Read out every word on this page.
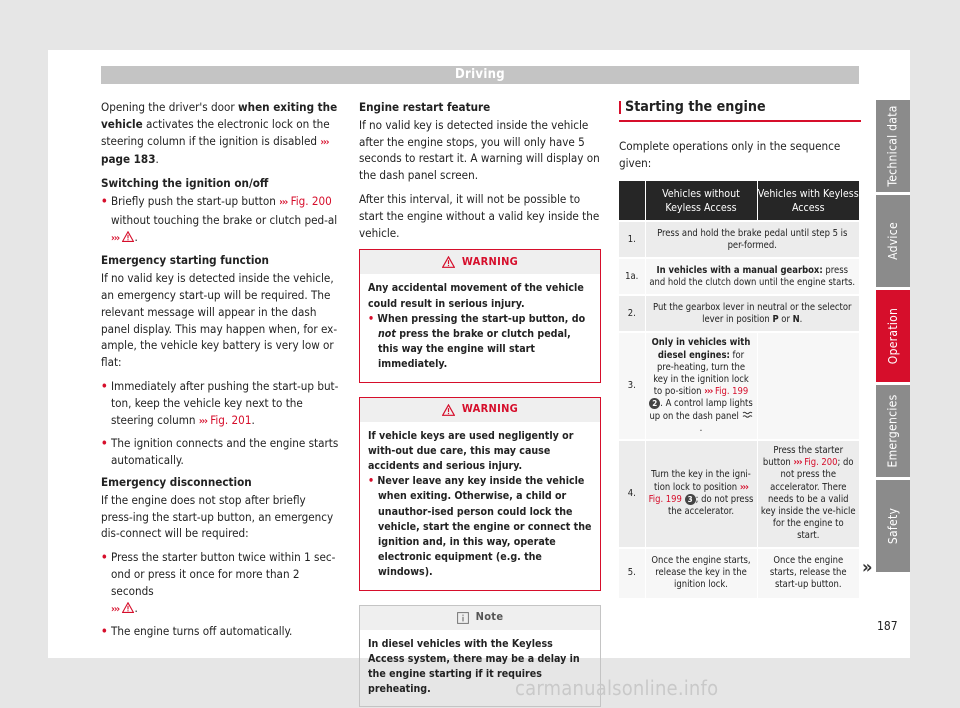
Driving

Opening the driver's door when exiting the vehicle activates the electronic lock on the steering column if the ignition is disabled ››› page 183.

Switching the ignition on/off

• Briefly push the start-up button ››› Fig. 200 without touching the brake or clutch ped-al ››› .

Emergency starting function

If no valid key is detected inside the vehicle, an emergency start-up will be required. The relevant message will appear in the dash panel display. This may happen when, for ex-ample, the vehicle key battery is very low or flat:

• Immediately after pushing the start-up but-ton, keep the vehicle key next to the steering column ››› Fig. 201.

• The ignition connects and the engine starts automatically.

Emergency disconnection

If the engine does not stop after briefly press-ing the start-up button, an emergency dis-connect will be required:

• Press the starter button twice within 1 sec-ond or press it once for more than 2 seconds
››› .

• The engine turns off automatically.

Engine restart feature

If no valid key is detected inside the vehicle after the engine stops, you will only have 5 seconds to restart it. A warning will display on the dash panel screen.

After this interval, it will not be possible to start the engine without a valid key inside the vehicle.

WARNING
Any accidental movement of the vehicle could result in serious injury.
• When pressing the start-up button, do not press the brake or clutch pedal, this way the engine will start immediately.
WARNING
If vehicle keys are used negligently or with-out due care, this may cause accidents and serious injury.
• Never leave any key inside the vehicle when exiting. Otherwise, a child or unauthor-ised person could lock the vehicle, start the engine or connect the ignition and, in this way, operate electronic equipment (e.g. the windows).
Note
In diesel vehicles with the Keyless Access system, there may be a delay in the engine starting if it requires preheating.
Starting the engine

Complete operations only in the sequence given:

	Vehicles without Keyless Access	Vehicles with Keyless Access
1.	Press and hold the brake pedal until step 5 is per-formed.	
1a.	In vehicles with a manual gearbox: press and hold the clutch down until the engine starts.	
2.	Put the gearbox lever in neutral or the selector lever in position P or N.	
3.	Only in vehicles with diesel engines: for pre-heating, turn the key in the ignition lock to po-sition ››› Fig. 199 2 . A control lamp lights up on the dash panel .	
4.	Turn the key in the igni-tion lock to position ››› Fig. 199 3 ; do not press the accelerator.	Press the starter button ››› Fig. 200; do not press the accelerator. There needs to be a valid key inside the ve-hicle for the engine to start.
5.	Once the engine starts, release the key in the ignition lock.	Once the engine starts, release the start-up button.
»
Technical data
Advice
Operation
Emergencies
Safety
187
carmanualsonline.info
